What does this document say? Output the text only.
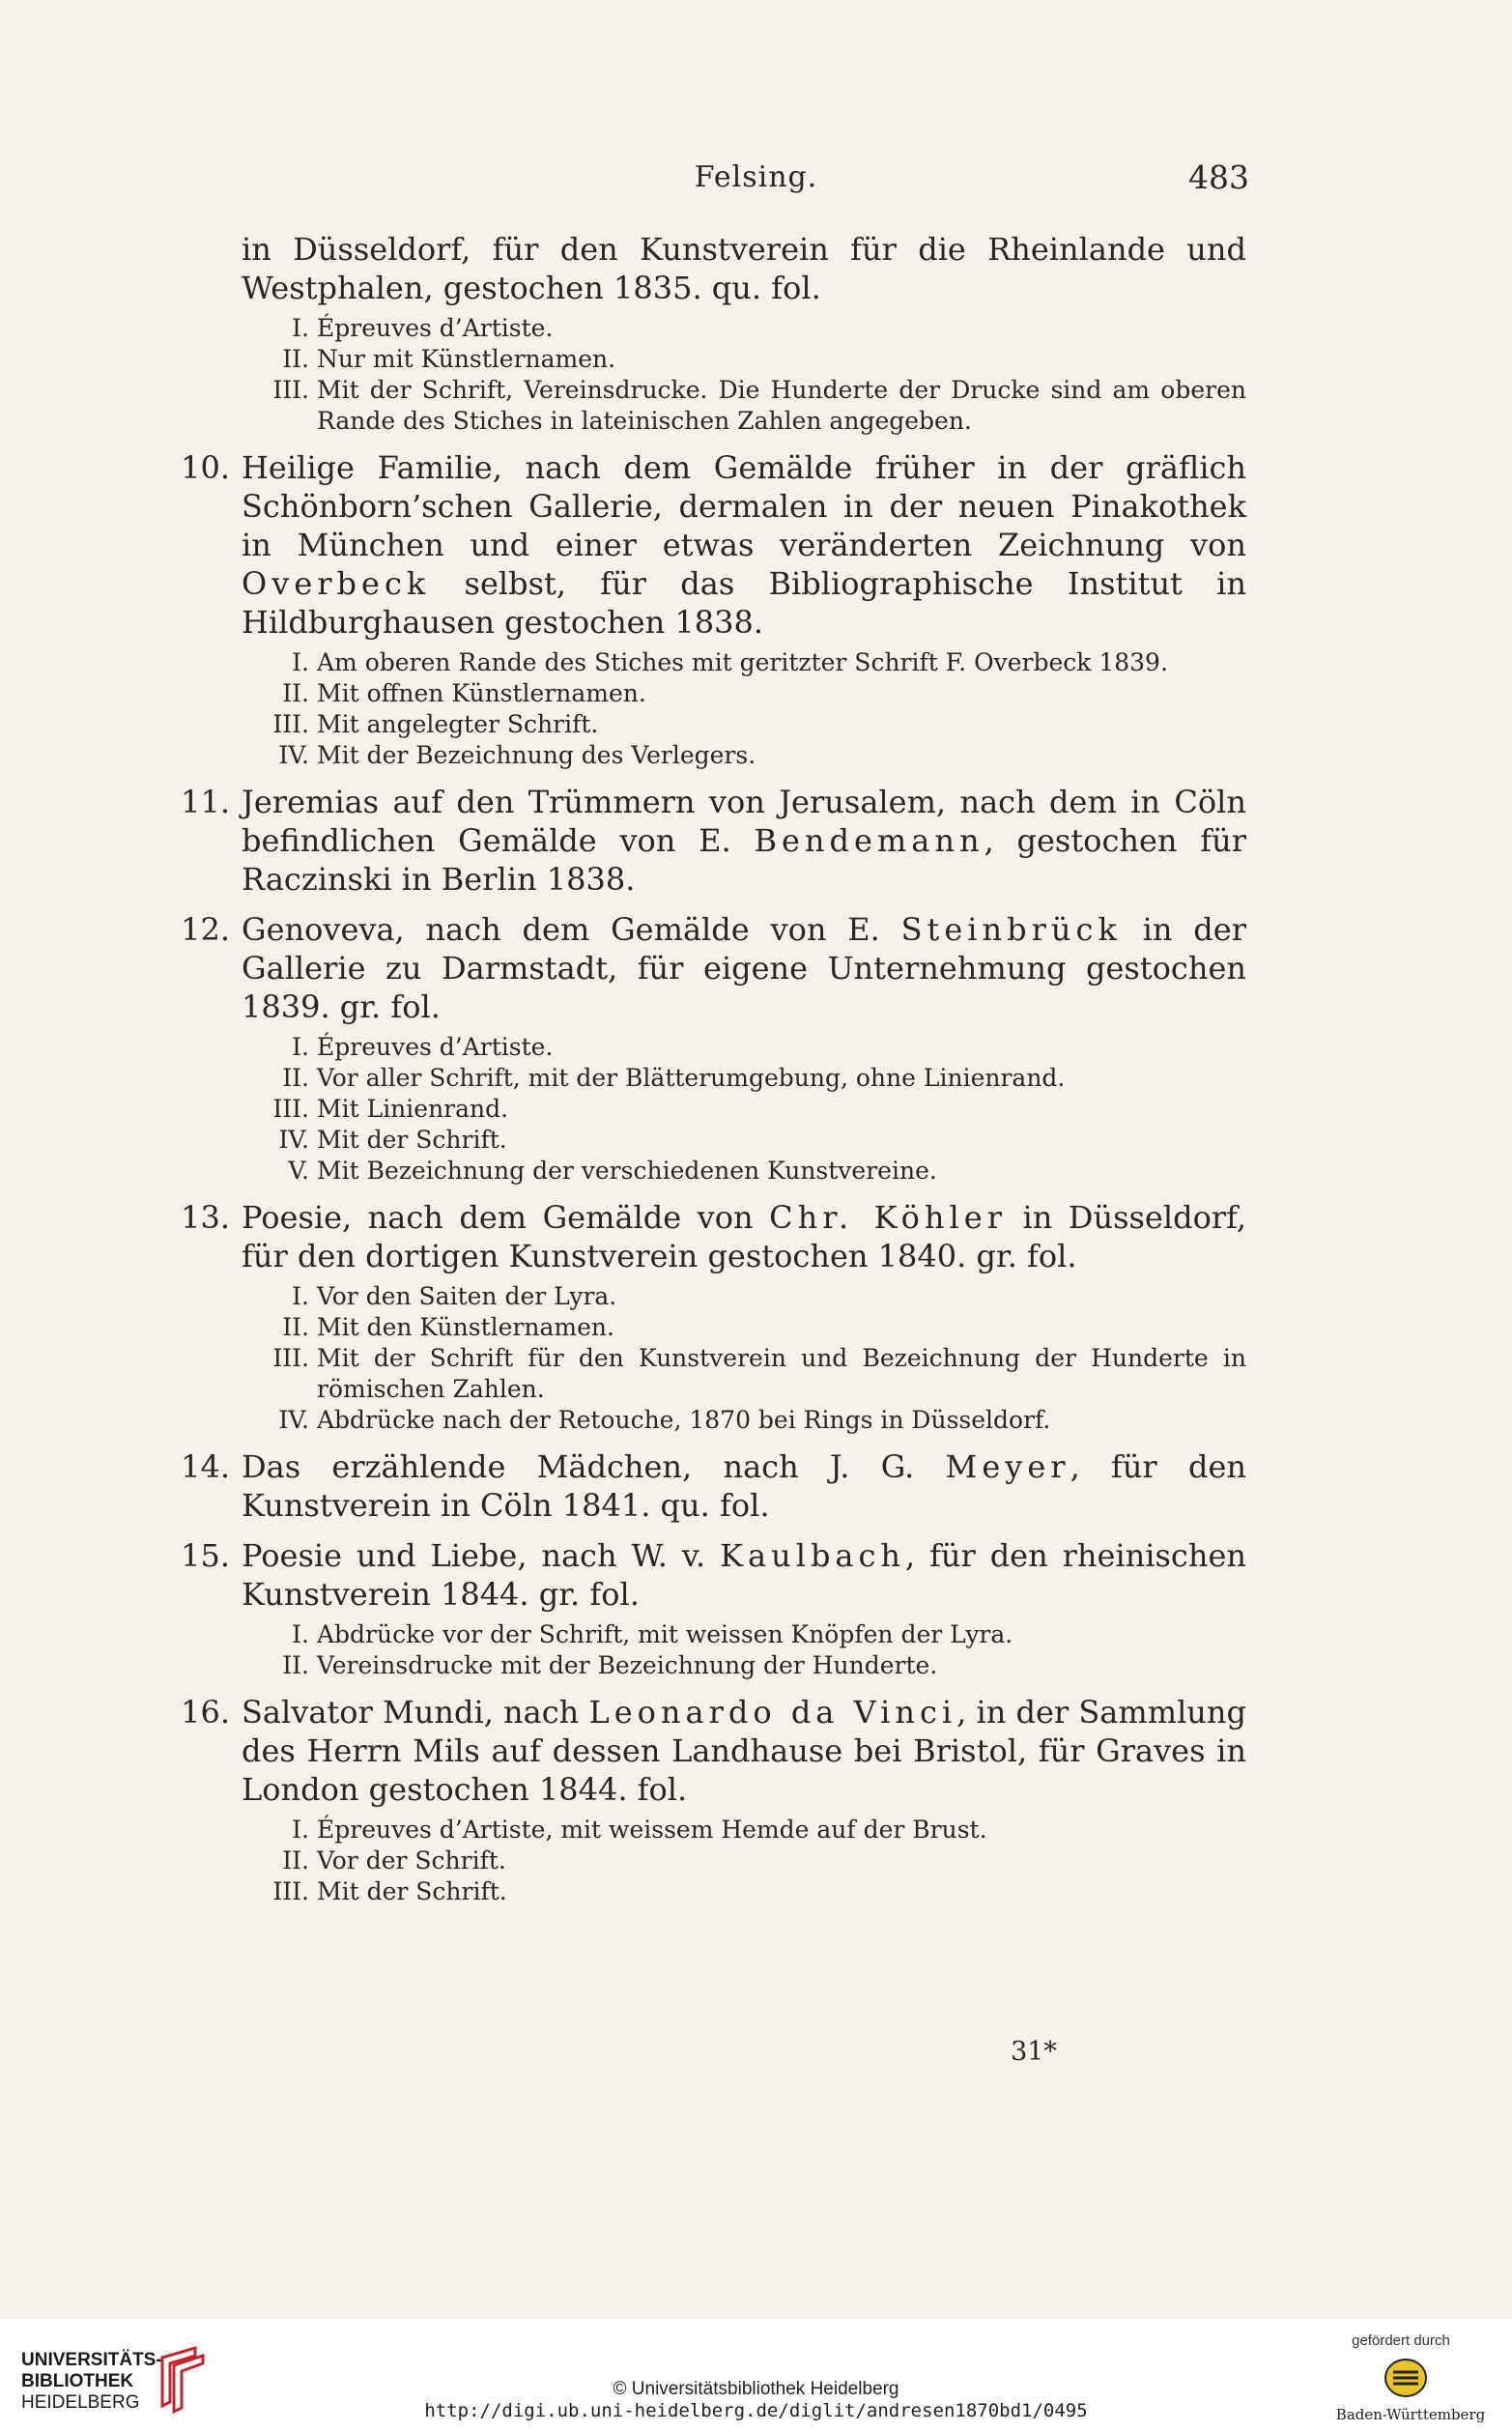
Felsing.	483
in Düsseldorf, für den Kunstverein für die Rheinlande und Westphalen, gestochen 1835. qu. fol.
I. Épreuves d’Artiste.
II. Nur mit Künstlernamen.
III. Mit der Schrift, Vereinsdrucke. Die Hunderte der Drucke sind am oberen Rande des Stiches in lateinischen Zahlen angegeben.
10. Heilige Familie, nach dem Gemälde früher in der gräflich Schönborn’schen Gallerie, dermalen in der neuen Pinakothek in München und einer etwas veränderten Zeichnung von Overbeck selbst, für das Bibliographische Institut in Hildburghausen gestochen 1838.
I. Am oberen Rande des Stiches mit geritzter Schrift F. Overbeck 1839.
II. Mit offnen Künstlernamen.
III. Mit angelegter Schrift.
IV. Mit der Bezeichnung des Verlegers.
11. Jeremias auf den Trümmern von Jerusalem, nach dem in Cöln befindlichen Gemälde von E. Bendemann, gestochen für Raczinski in Berlin 1838.
12. Genoveva, nach dem Gemälde von E. Steinbrück in der Gallerie zu Darmstadt, für eigene Unternehmung gestochen 1839. gr. fol.
I. Épreuves d’Artiste.
II. Vor aller Schrift, mit der Blätterumgebung, ohne Linienrand.
III. Mit Linienrand.
IV. Mit der Schrift.
V. Mit Bezeichnung der verschiedenen Kunstvereine.
13. Poesie, nach dem Gemälde von Chr. Köhler in Düsseldorf, für den dortigen Kunstverein gestochen 1840. gr. fol.
I. Vor den Saiten der Lyra.
II. Mit den Künstlernamen.
III. Mit der Schrift für den Kunstverein und Bezeichnung der Hunderte in römischen Zahlen.
IV. Abdrücke nach der Retouche, 1870 bei Rings in Düsseldorf.
14. Das erzählende Mädchen, nach J. G. Meyer, für den Kunstverein in Cöln 1841. qu. fol.
15. Poesie und Liebe, nach W. v. Kaulbach, für den rheinischen Kunstverein 1844. gr. fol.
I. Abdrücke vor der Schrift, mit weissen Knöpfen der Lyra.
II. Vereinsdrucke mit der Bezeichnung der Hunderte.
16. Salvator Mundi, nach Leonardo da Vinci, in der Sammlung des Herrn Mils auf dessen Landhause bei Bristol, für Graves in London gestochen 1844. fol.
I. Épreuves d’Artiste, mit weissem Hemde auf der Brust.
II. Vor der Schrift.
III. Mit der Schrift.
31*
UNIVERSITÄTS-
BIBLIOTHEK
HEIDELBERG
© Universitätsbibliothek Heidelberg
http://digi.ub.uni-heidelberg.de/diglit/andresen1870bd1/0495
gefördert durch
Baden-Württemberg
